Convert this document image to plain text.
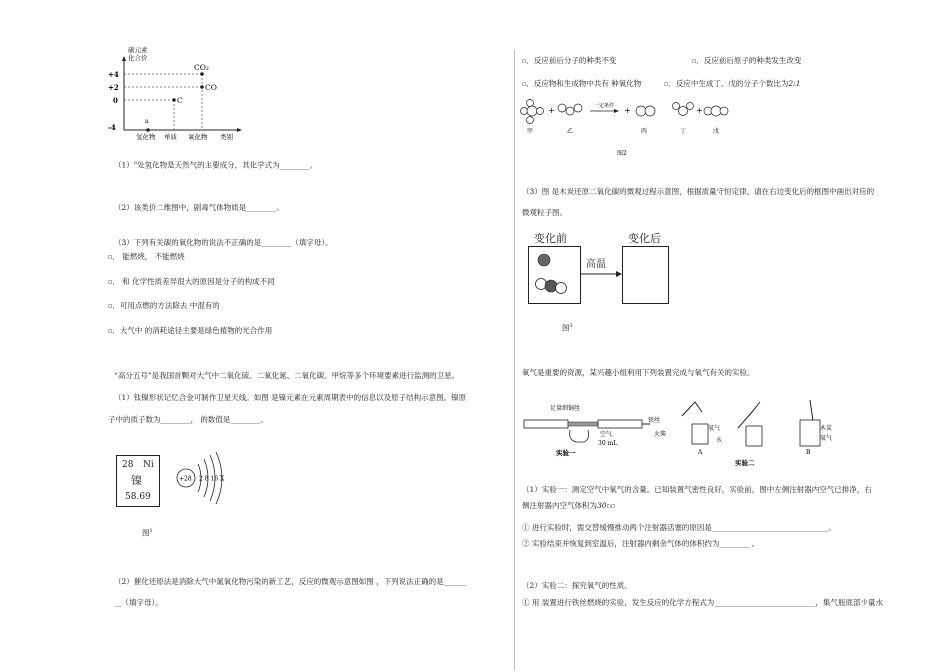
碳元素
化合价
+4
+2
0
-4
CO₂
CO
C
a
氢化物 单质 氧化物 类别
（1）▫处氢化物是天然气的主要成分，其化学式为________。
（2）该类价二维图中，剧毒气体物质是________。
（3）下列有关碳的氧化物的说法不正确的是________（填字母）。
▫． 能燃烧， 不能燃烧
▫． 和 化学性质差异很大的原因是分子的构成不同
▫．可用点燃的方法除去 中混有的
▫．大气中 的消耗途径主要是绿色植物的光合作用
“高分五号”是我国首颗对大气中二氧化硫、二氧化氮、二氧化碳、甲烷等多个环境要素进行监测的卫星。
（1）钛镍形状记忆合金可制作卫星天线。如图 是镍元素在元素周期表中的信息以及原子结构示意图。镍原
子中的质子数为________， 的数值是________。
28 Ni
镍
58.69
+28 2 8 16 X
图$^1$
（2）催化还原法是消除大气中氮氧化物污染的新工艺，反应的微观示意图如图 ，下列说法正确的是______
__（填字母）。
▫．反应前后分子的种类不变	▫．反应前后原子的种类发生改变
▫．反应物和生成物中共有 种氧化物	▫．反应中生成丁、戊的分子个数比为2:1
+	+	+
一定条件
甲	乙	丙	丁	戊
图2
（3）图 是木炭还原二氧化碳的微观过程示意图，根据质量守恒定律，请在右边变化后的框图中画出对应的
微观粒子图。
变化前	变化后
高温
图$^3$
氧气是重要的资源，某兴趣小组利用下列装置完成与氧气有关的实验。
足量细铜丝
空气
30 mL
实验一
铁丝
火柴
氧气
水
A
实验二
木炭
氧气
B
（1）实验一：测定空气中氧气的含量。已知装置气密性良好，实验前，图中左侧注射器内空气已排净，右
侧注射器内空气体积为30▫▫
① 进行实验时，需交替缓慢推动两个注射器活塞的原因是_______________________________。
② 实验结束并恢复到室温后，注射器内剩余气体的体积约为________ 。
（2）实验二：探究氧气的性质。
① 用 装置进行铁丝燃烧的实验，发生反应的化学方程式为___________________________，集气瓶底部少量水
